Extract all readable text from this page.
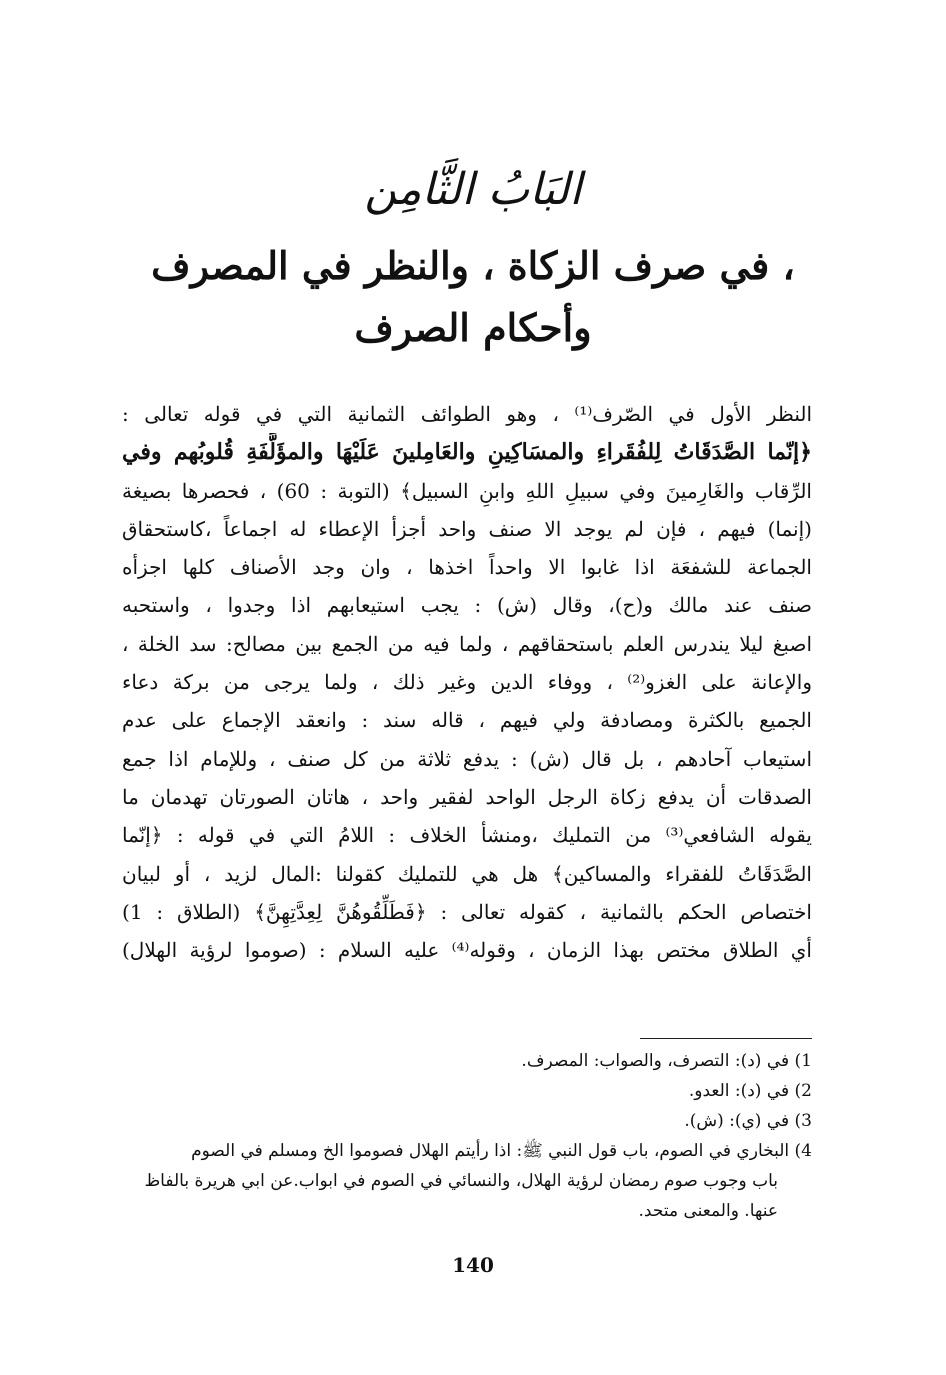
البَابُ الثَّامِن
في صرف الزكاة ، والنظر في المصرف ،
وأحكام الصرف
النظر الأول في الصّرف⁽¹⁾ ، وهو الطوائف الثمانية التي في قوله تعالى :
﴿إنّما الصَّدَقَاتُ لِلفُقَراءِ والمسَاكِينِ والعَامِلينَ عَلَيْهَا والمؤَلَّفَةِ قُلوبُهم وفي
الرِّقاب والغَارِمينَ وفي سبيلِ اللهِ وابنِ السبيل﴾ (التوبة : 60) ، فحصرها بصيغة
(إنما) فيهم ، فإن لم يوجد الا صنف واحد أجزأ الإعطاء له اجماعاً ،كاستحقاق
الجماعة للشفعَة اذا غابوا الا واحداً اخذها ، وان وجد الأصناف كلها اجزأه
صنف عند مالك و(ح)، وقال (ش) : يجب استيعابهم اذا وجدوا ، واستحبه
اصبغ ليلا يندرس العلم باستحقاقهم ، ولما فيه من الجمع بين مصالح: سد الخلة ،
والإعانة على الغزو⁽²⁾ ، ووفاء الدين وغير ذلك ، ولما يرجى من بركة دعاء
الجميع بالكثرة ومصادفة ولي فيهم ، قاله سند : وانعقد الإجماع على عدم
استيعاب آحادهم ، بل قال (ش) : يدفع ثلاثة من كل صنف ، وللإمام اذا جمع
الصدقات أن يدفع زكاة الرجل الواحد لفقير واحد ، هاتان الصورتان تهدمان ما
يقوله الشافعي⁽³⁾ من التمليك ،ومنشأ الخلاف : اللامُ التي في قوله : ﴿إنّما
الصَّدَقَاتُ للفقراء والمساكين﴾ هل هي للتمليك كقولنا :المال لزيد ، أو لبيان
اختصاص الحكم بالثمانية ، كقوله تعالى : ﴿فَطَلِّقُوهُنَّ لِعِدَّتِهِنَّ﴾ (الطلاق : 1)
أي الطلاق مختص بهذا الزمان ، وقوله⁽⁴⁾ عليه السلام : (صوموا لرؤية الهلال)
1) في (د): التصرف، والصواب: المصرف.
2) في (د): العدو.
3) في (ي): (ش).
4) البخاري في الصوم، باب قول النبي ﷺ: اذا رأيتم الهلال فصوموا الخ ومسلم في الصوم
باب وجوب صوم رمضان لرؤية الهلال، والنسائي في الصوم في ابواب.عن ابي هريرة بالفاظ
عنها. والمعنى متحد.
140
